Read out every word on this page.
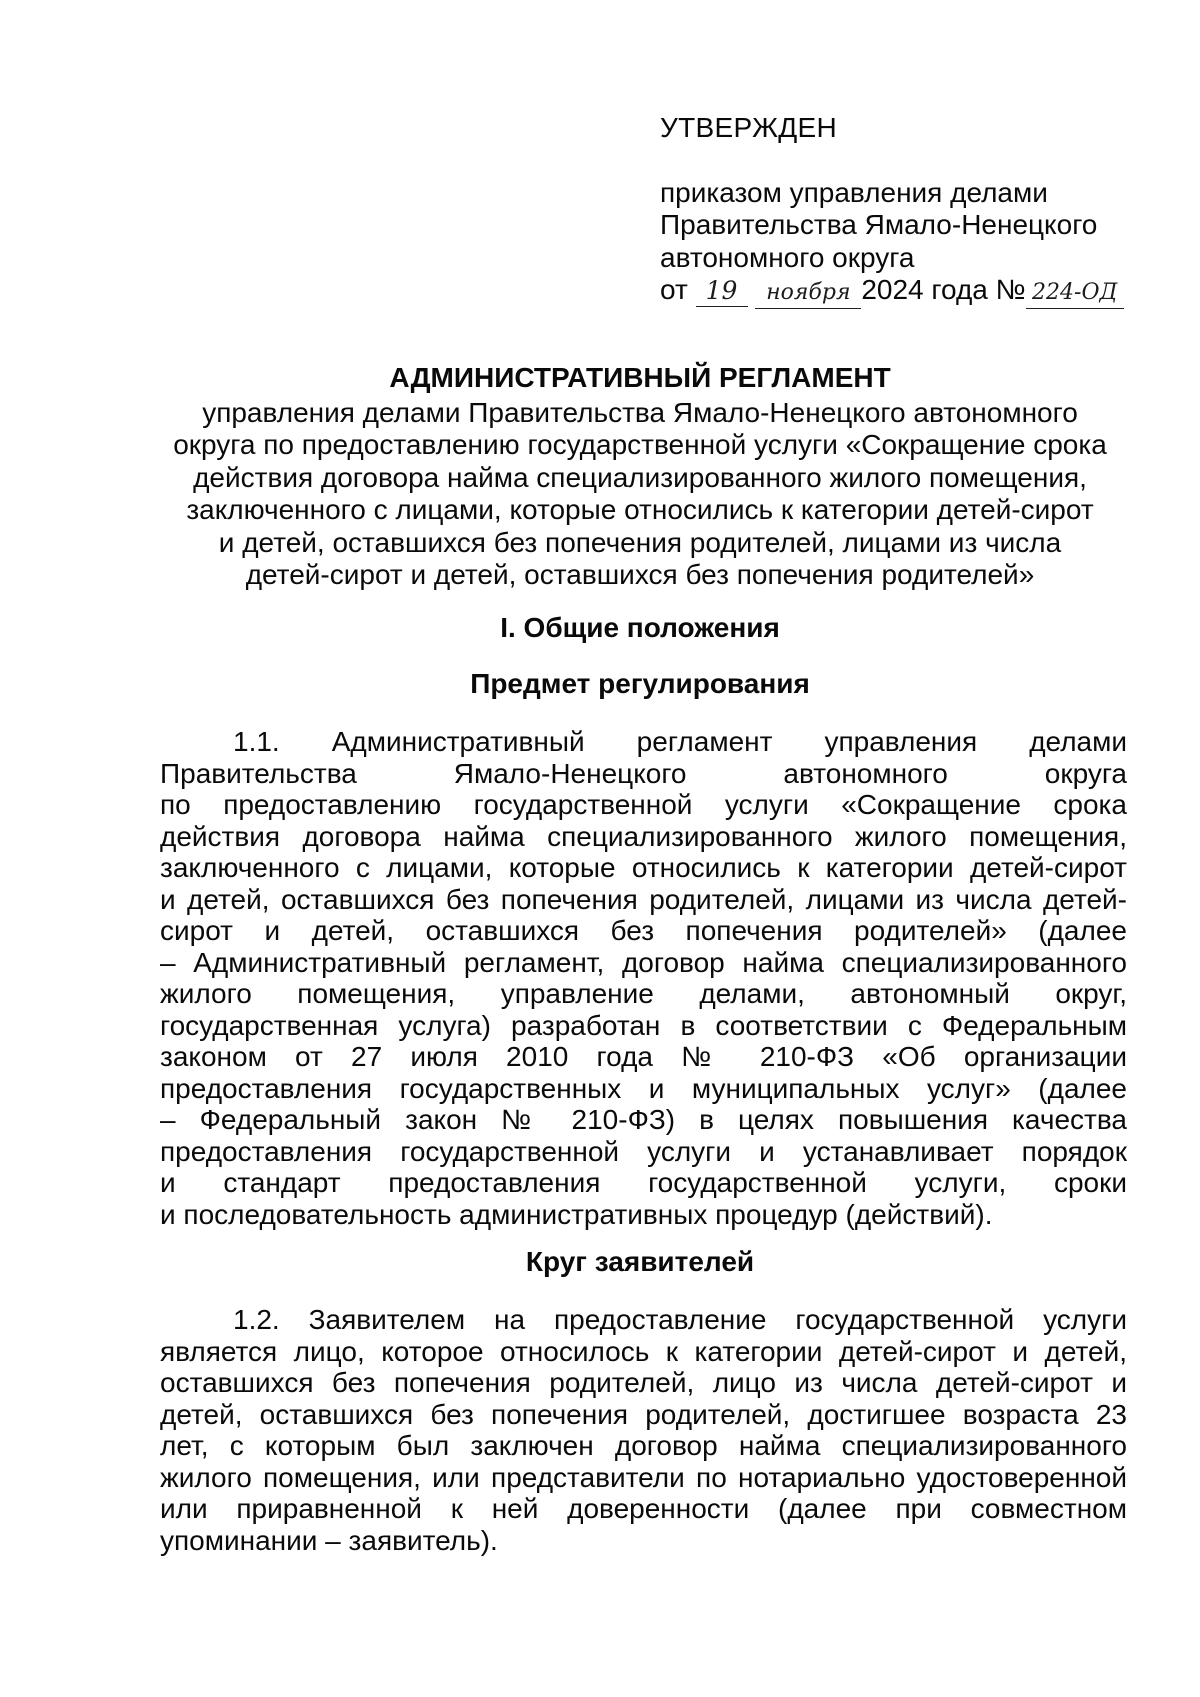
УТВЕРЖДЕН
приказом управления делами
Правительства Ямало-Ненецкого
автономного округа
от 19 ноября 2024 года № 224-ОД
АДМИНИСТРАТИВНЫЙ РЕГЛАМЕНТ
управления делами Правительства Ямало-Ненецкого автономного
округа по предоставлению государственной услуги «Сокращение срока
действия договора найма специализированного жилого помещения,
заключенного с лицами, которые относились к категории детей-сирот
и детей, оставшихся без попечения родителей, лицами из числа
детей-сирот и детей, оставшихся без попечения родителей»
I. Общие положения
Предмет регулирования
1.1. Административный регламент управления делами
Правительства Ямало-Ненецкого автономного округа
по предоставлению государственной услуги «Сокращение срока
действия договора найма специализированного жилого помещения,
заключенного с лицами, которые относились к категории детей-сирот
и детей, оставшихся без попечения родителей, лицами из числа детей-
сирот и детей, оставшихся без попечения родителей» (далее
– Административный регламент, договор найма специализированного
жилого помещения, управление делами, автономный округ,
государственная услуга) разработан в соответствии с Федеральным
законом от 27 июля 2010 года № 210-ФЗ «Об организации
предоставления государственных и муниципальных услуг» (далее
– Федеральный закон № 210-ФЗ) в целях повышения качества
предоставления государственной услуги и устанавливает порядок
и стандарт предоставления государственной услуги, сроки
и последовательность административных процедур (действий).
Круг заявителей
1.2. Заявителем на предоставление государственной услуги
является лицо, которое относилось к категории детей-сирот и детей,
оставшихся без попечения родителей, лицо из числа детей-сирот и
детей, оставшихся без попечения родителей, достигшее возраста 23
лет, с которым был заключен договор найма специализированного
жилого помещения, или представители по нотариально удостоверенной
или приравненной к ней доверенности (далее при совместном
упоминании – заявитель).
